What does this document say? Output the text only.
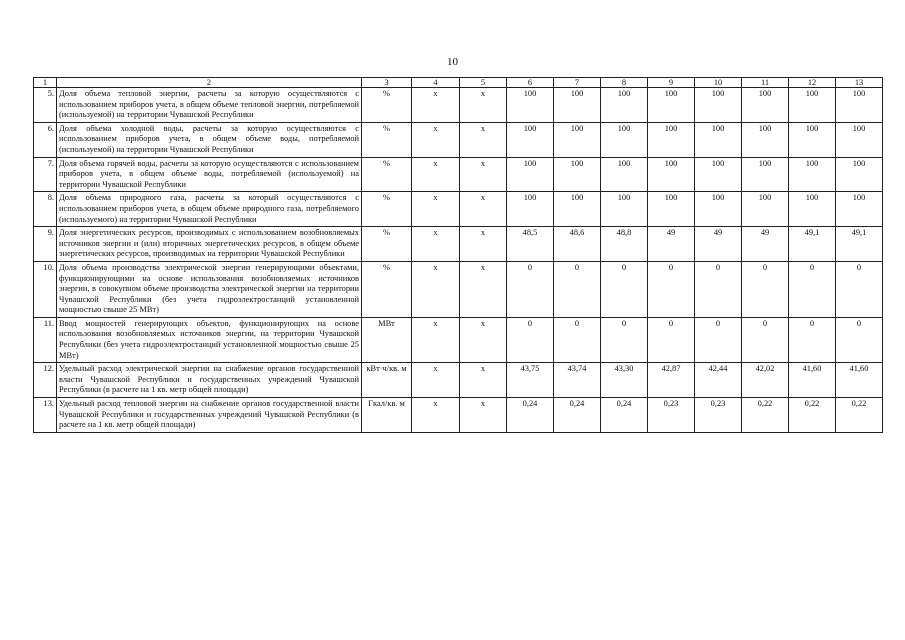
10
1	2	3	4	5	6	7	8	9	10	11	12	13
5.	Доля объема тепловой энергии, расчеты за которую осуществляются с использованием приборов учета, в общем объеме тепловой энергии, потребляемой (используемой) на территории Чувашской Республики	%	x	x	100	100	100	100	100	100	100	100
6.	Доля объема холодной воды, расчеты за которую осуществляются с использованием приборов учета, в общем объеме воды, потребляемой (используемой) на территории Чувашской Республики	%	x	x	100	100	100	100	100	100	100	100
7.	Доля объема горячей воды, расчеты за которую осуществляются с использованием приборов учета, в общем объеме воды, потребляемой (используемой) на территории Чувашской Республики	%	x	x	100	100	100	100	100	100	100	100
8.	Доля объема природного газа, расчеты за который осуществляются с использованием приборов учета, в общем объеме природного газа, потребляемого (используемого) на территории Чувашской Республики	%	x	x	100	100	100	100	100	100	100	100
9.	Доля энергетических ресурсов, производимых с использованием возобновляемых источников энергии и (или) вторичных энергетических ресурсов, в общем объеме энергетических ресурсов, производимых на территории Чувашской Республики	%	x	x	48,5	48,6	48,8	49	49	49	49,1	49,1
10.	Доля объема производства электрической энергии генерирующими объектами, функционирующими на основе использования возобновляемых источников энергии, в совокупном объеме производства электрической энергии на территории Чувашской Республики (без учета гидроэлектростанций установленной мощностью свыше 25 МВт)	%	x	x	0	0	0	0	0	0	0	0
11.	Ввод мощностей генерирующих объектов, функционирующих на основе использования возобновляемых источников энергии, на территории Чувашской Республики (без учета гидроэлектростанций установленной мощностью свыше 25 МВт)	МВт	x	x	0	0	0	0	0	0	0	0
12.	Удельный расход электрической энергии на снабжение органов государственной власти Чувашской Республики и государственных учреждений Чувашской Республики (в расчете на 1 кв. метр общей площади)	кВт·ч/кв. м	x	x	43,75	43,74	43,30	42,87	42,44	42,02	41,60	41,60
13.	Удельный расход тепловой энергии на снабжение органов государственной власти Чувашской Республики и государственных учреждений Чувашской Республики (в расчете на 1 кв. метр общей площади)	Гкал/кв. м	x	x	0,24	0,24	0,24	0,23	0,23	0,22	0,22	0,22
